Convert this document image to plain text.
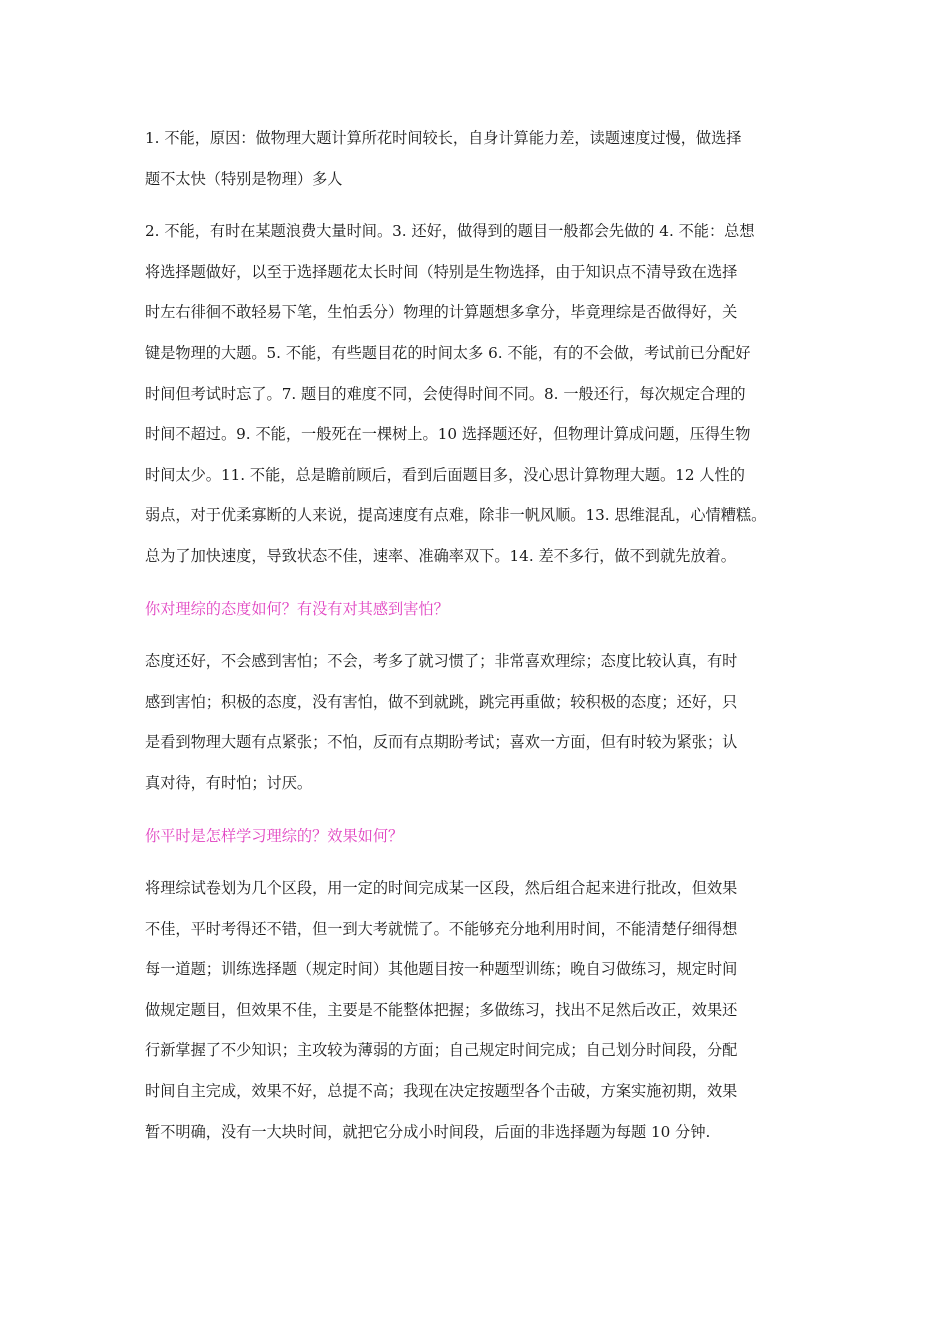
1. 不能，原因：做物理大题计算所花时间较长，自身计算能力差，读题速度过慢，做选择
题不太快（特别是物理）多人

2. 不能，有时在某题浪费大量时间。3. 还好，做得到的题目一般都会先做的 4. 不能：总想
将选择题做好，以至于选择题花太长时间（特别是生物选择，由于知识点不清导致在选择
时左右徘徊不敢轻易下笔，生怕丢分）物理的计算题想多拿分，毕竟理综是否做得好，关
键是物理的大题。5. 不能，有些题目花的时间太多 6. 不能，有的不会做，考试前已分配好
时间但考试时忘了。7. 题目的难度不同，会使得时间不同。8. 一般还行，每次规定合理的
时间不超过。9. 不能，一般死在一棵树上。10 选择题还好，但物理计算成问题，压得生物
时间太少。11. 不能，总是瞻前顾后，看到后面题目多，没心思计算物理大题。12 人性的
弱点，对于优柔寡断的人来说，提高速度有点难，除非一帆风顺。13. 思维混乱，心情糟糕。
总为了加快速度，导致状态不佳，速率、准确率双下。14. 差不多行，做不到就先放着。

你对理综的态度如何？有没有对其感到害怕？

态度还好，不会感到害怕；不会，考多了就习惯了；非常喜欢理综；态度比较认真，有时
感到害怕；积极的态度，没有害怕，做不到就跳，跳完再重做；较积极的态度；还好，只
是看到物理大题有点紧张；不怕，反而有点期盼考试；喜欢一方面，但有时较为紧张；认
真对待，有时怕；讨厌。

你平时是怎样学习理综的？效果如何？

将理综试卷划为几个区段，用一定的时间完成某一区段，然后组合起来进行批改，但效果
不佳，平时考得还不错，但一到大考就慌了。不能够充分地利用时间，不能清楚仔细得想
每一道题；训练选择题（规定时间）其他题目按一种题型训练；晚自习做练习，规定时间
做规定题目，但效果不佳，主要是不能整体把握；多做练习，找出不足然后改正，效果还
行新掌握了不少知识；主攻较为薄弱的方面；自己规定时间完成；自己划分时间段，分配
时间自主完成，效果不好，总提不高；我现在决定按题型各个击破，方案实施初期，效果
暂不明确，没有一大块时间，就把它分成小时间段，后面的非选择题为每题 10 分钟.
